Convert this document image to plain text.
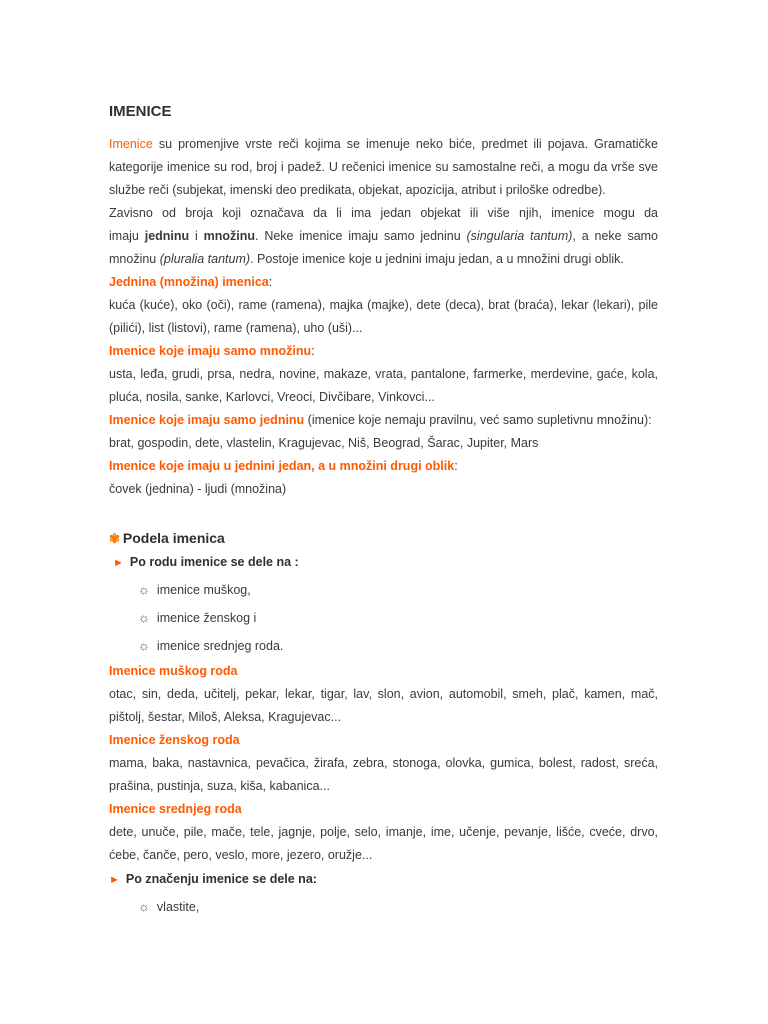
IMENICE

Imenice su promenjive vrste reči kojima se imenuje neko biće, predmet ili pojava. Gramatičke
kategorije imenice su rod, broj i padež. U rečenici imenice su samostalne reči, a mogu da vrše sve
službe reči (subjekat, imenski deo predikata, objekat, apozicija, atribut i priloške odredbe).

Zavisno od broja koji označava da li ima jedan objekat ili više njih, imenice mogu da
imaju jedninu i množinu. Neke imenice imaju samo jedninu (singularia tantum), a neke samo
množinu (pluralia tantum). Postoje imenice koje u jednini imaju jedan, a u množini drugi oblik.

Jednina (množina) imenica:
kuća (kuće), oko (oči), rame (ramena), majka (majke), dete (deca), brat (braća), lekar (lekari), pile
(pilići), list (listovi), rame (ramena), uho (uši)...
Imenice koje imaju samo množinu:
usta, leđa, grudi, prsa, nedra, novine, makaze, vrata, pantalone, farmerke, merdevine, gaće, kola,
pluća, nosila, sanke, Karlovci, Vreoci, Divčibare, Vinkovci...
Imenice koje imaju samo jedninu (imenice koje nemaju pravilnu, već samo supletivnu množinu):
brat, gospodin, dete, vlastelin, Kragujevac, Niš, Beograd, Šarac, Jupiter, Mars
Imenice koje imaju u jednini jedan, a u množini drugi oblik:
čovek (jednina) - ljudi (množina)
✾ Podela imenica
► Po rodu imenice se dele na :
☼ imenice muškog,
☼ imenice ženskog i
☼ imenice srednjeg roda.
Imenice muškog roda
otac, sin, deda, učitelj, pekar, lekar, tigar, lav, slon, avion, automobil, smeh, plač, kamen, mač,
pištolj, šestar, Miloš, Aleksa, Kragujevac...
Imenice ženskog roda
mama, baka, nastavnica, pevačica, žirafa, zebra, stonoga, olovka, gumica, bolest, radost, sreća,
prašina, pustinja, suza, kiša, kabanica...
Imenice srednjeg roda
dete, unuče, pile, mače, tele, jagnje, polje, selo, imanje, ime, učenje, pevanje, lišće, cveće, drvo,
ćebe, čanče, pero, veslo, more, jezero, oružje...
► Po značenju imenice se dele na:
☼ vlastite,
